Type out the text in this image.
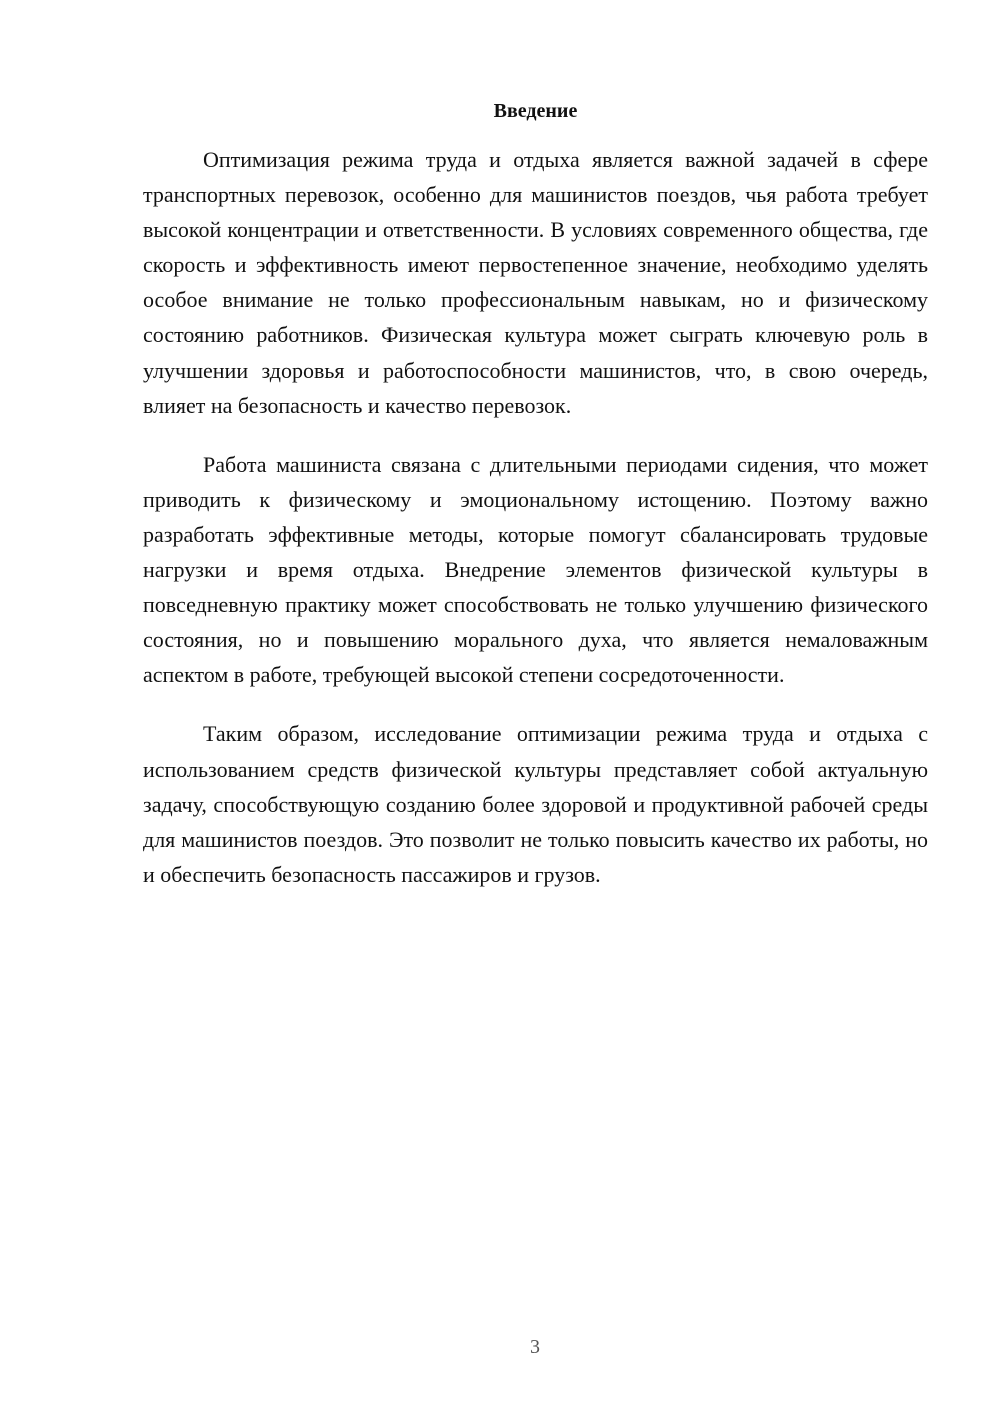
Введение

Оптимизация режима труда и отдыха является важной задачей в сфере транспортных перевозок, особенно для машинистов поездов, чья работа требует высокой концентрации и ответственности. В условиях современного общества, где скорость и эффективность имеют первостепенное значение, необходимо уделять особое внимание не только профессиональным навыкам, но и физическому состоянию работников. Физическая культура может сыграть ключевую роль в улучшении здоровья и работоспособности машинистов, что, в свою очередь, влияет на безопасность и качество перевозок.

Работа машиниста связана с длительными периодами сидения, что может приводить к физическому и эмоциональному истощению. Поэтому важно разработать эффективные методы, которые помогут сбалансировать трудовые нагрузки и время отдыха. Внедрение элементов физической культуры в повседневную практику может способствовать не только улучшению физического состояния, но и повышению морального духа, что является немаловажным аспектом в работе, требующей высокой степени сосредоточенности.

Таким образом, исследование оптимизации режима труда и отдыха с использованием средств физической культуры представляет собой актуальную задачу, способствующую созданию более здоровой и продуктивной рабочей среды для машинистов поездов. Это позволит не только повысить качество их работы, но и обеспечить безопасность пассажиров и грузов.

3
